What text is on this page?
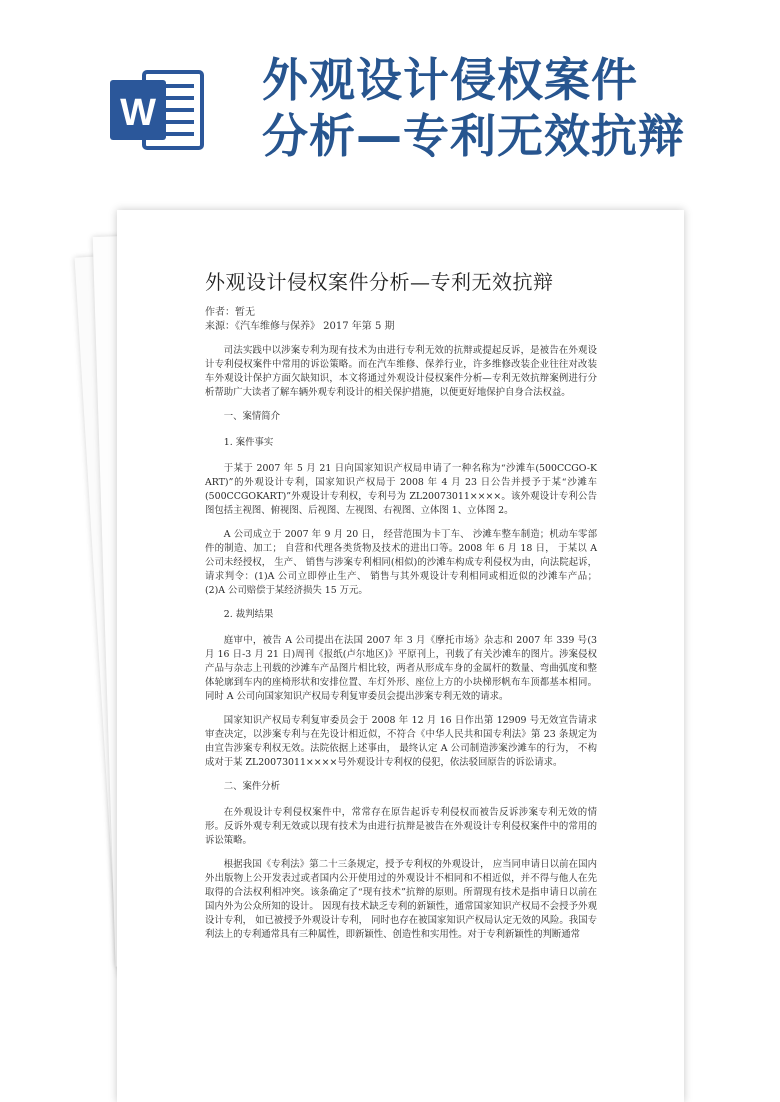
W
外观设计侵权案件
分析—专利无效抗辩
外观设计侵权案件分析—专利无效抗辩
作者：暂无
来源：《汽车维修与保养》 2017 年第 5 期

司法实践中以涉案专利为现有技术为由进行专利无效的抗辩或提起反诉，是被告在外观设计专利侵权案件中常用的诉讼策略。而在汽车维修、保养行业，许多维修改装企业往往对改装车外观设计保护方面欠缺知识，本文将通过外观设计侵权案件分析—专利无效抗辩案例进行分析帮助广大读者了解车辆外观专利设计的相关保护措施，以便更好地保护自身合法权益。

一、案情简介

1. 案件事实

于某于 2007 年 5 月 21 日向国家知识产权局申请了一种名称为“沙滩车(500CCGO-K ART)”的外观设计专利，国家知识产权局于 2008 年 4 月 23 日公告并授予于某“沙滩车(500CCGOKART)”外观设计专利权，专利号为 ZL20073011××××。该外观设计专利公告图包括主视图、俯视图、后视图、左视图、右视图、立体图 1、立体图 2。

A 公司成立于 2007 年 9 月 20 日， 经营范围为卡丁车、 沙滩车整车制造；机动车零部件的制造、加工； 自营和代理各类货物及技术的进出口等。2008 年 6 月 18 日， 于某以 A 公司未经授权， 生产、 销售与涉案专利相同(相似)的沙滩车构成专利侵权为由，向法院起诉，请求判令：(1)A 公司立即停止生产、 销售与其外观设计专利相同或相近似的沙滩车产品； (2)A 公司赔偿于某经济损失 15 万元。

2. 裁判结果

庭审中，被告 A 公司提出在法国 2007 年 3 月《摩托市场》杂志和 2007 年 339 号(3 月 16 日-3 月 21 日)周刊《报纸(卢尔地区)》平原刊上，刊载了有关沙滩车的图片。涉案侵权产品与杂志上刊载的沙滩车产品图片相比较，两者从形成车身的金属杆的数量、弯曲弧度和整体轮廓到车内的座椅形状和安排位置、车灯外形、座位上方的小块梯形帆布车顶都基本相同。同时 A 公司向国家知识产权局专利复审委员会提出涉案专利无效的请求。

国家知识产权局专利复审委员会于 2008 年 12 月 16 日作出第 12909 号无效宣告请求审查决定，以涉案专利与在先设计相近似，不符合《中华人民共和国专利法》第 23 条规定为由宣告涉案专利权无效。法院依据上述事由， 最终认定 A 公司制造涉案沙滩车的行为， 不构成对于某 ZL20073011××××号外观设计专利权的侵犯，依法驳回原告的诉讼请求。

二、案件分析

在外观设计专利侵权案件中，常常存在原告起诉专利侵权而被告反诉涉案专利无效的情形。反诉外观专利无效或以现有技术为由进行抗辩是被告在外观设计专利侵权案件中的常用的诉讼策略。

根据我国《专利法》第二十三条规定，授予专利权的外观设计， 应当同申请日以前在国内外出版物上公开发表过或者国内公开使用过的外观设计不相同和不相近似，并不得与他人在先取得的合法权利相冲突。该条确定了“现有技术”抗辩的原则。所谓现有技术是指申请日以前在国内外为公众所知的设计。 因现有技术缺乏专利的新颖性，通常国家知识产权局不会授予外观设计专利， 如已被授予外观设计专利， 同时也存在被国家知识产权局认定无效的风险。我国专利法上的专利通常具有三种属性，即新颖性、创造性和实用性。对于专利新颖性的判断通常
